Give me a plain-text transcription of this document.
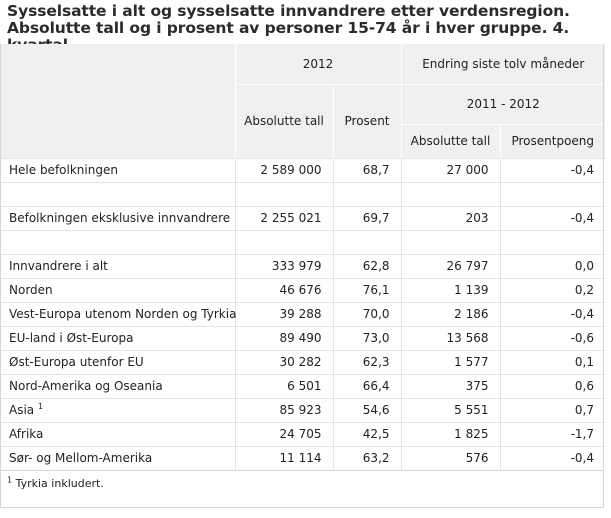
Sysselsatte i alt og sysselsatte innvandrere etter verdensregion. Absolutte tall og i prosent av personer 15-74 år i hver gruppe. 4.
	2012		Endring siste tolv måneder	
	Absolutte tall	Prosent	2011 - 2012	
			Absolutte tall	Prosentpoeng
Hele befolkningen	2 589 000	68,7	27 000	-0,4

Befolkningen eksklusive innvandrere	2 255 021	69,7	203	-0,4

Innvandrere i alt	333 979	62,8	26 797	0,0
Norden	46 676	76,1	1 139	0,2
Vest-Europa utenom Norden og Tyrkia	39 288	70,0	2 186	-0,4
EU-land i Øst-Europa	89 490	73,0	13 568	-0,6
Øst-Europa utenfor EU	30 282	62,3	1 577	0,1
Nord-Amerika og Oseania	6 501	66,4	375	0,6
Asia $^1$	85 923	54,6	5 551	0,7
Afrika	24 705	42,5	1 825	-1,7
Sør- og Mellom-Amerika	11 114	63,2	576	-0,4
$^1$ Tyrkia inkludert.
